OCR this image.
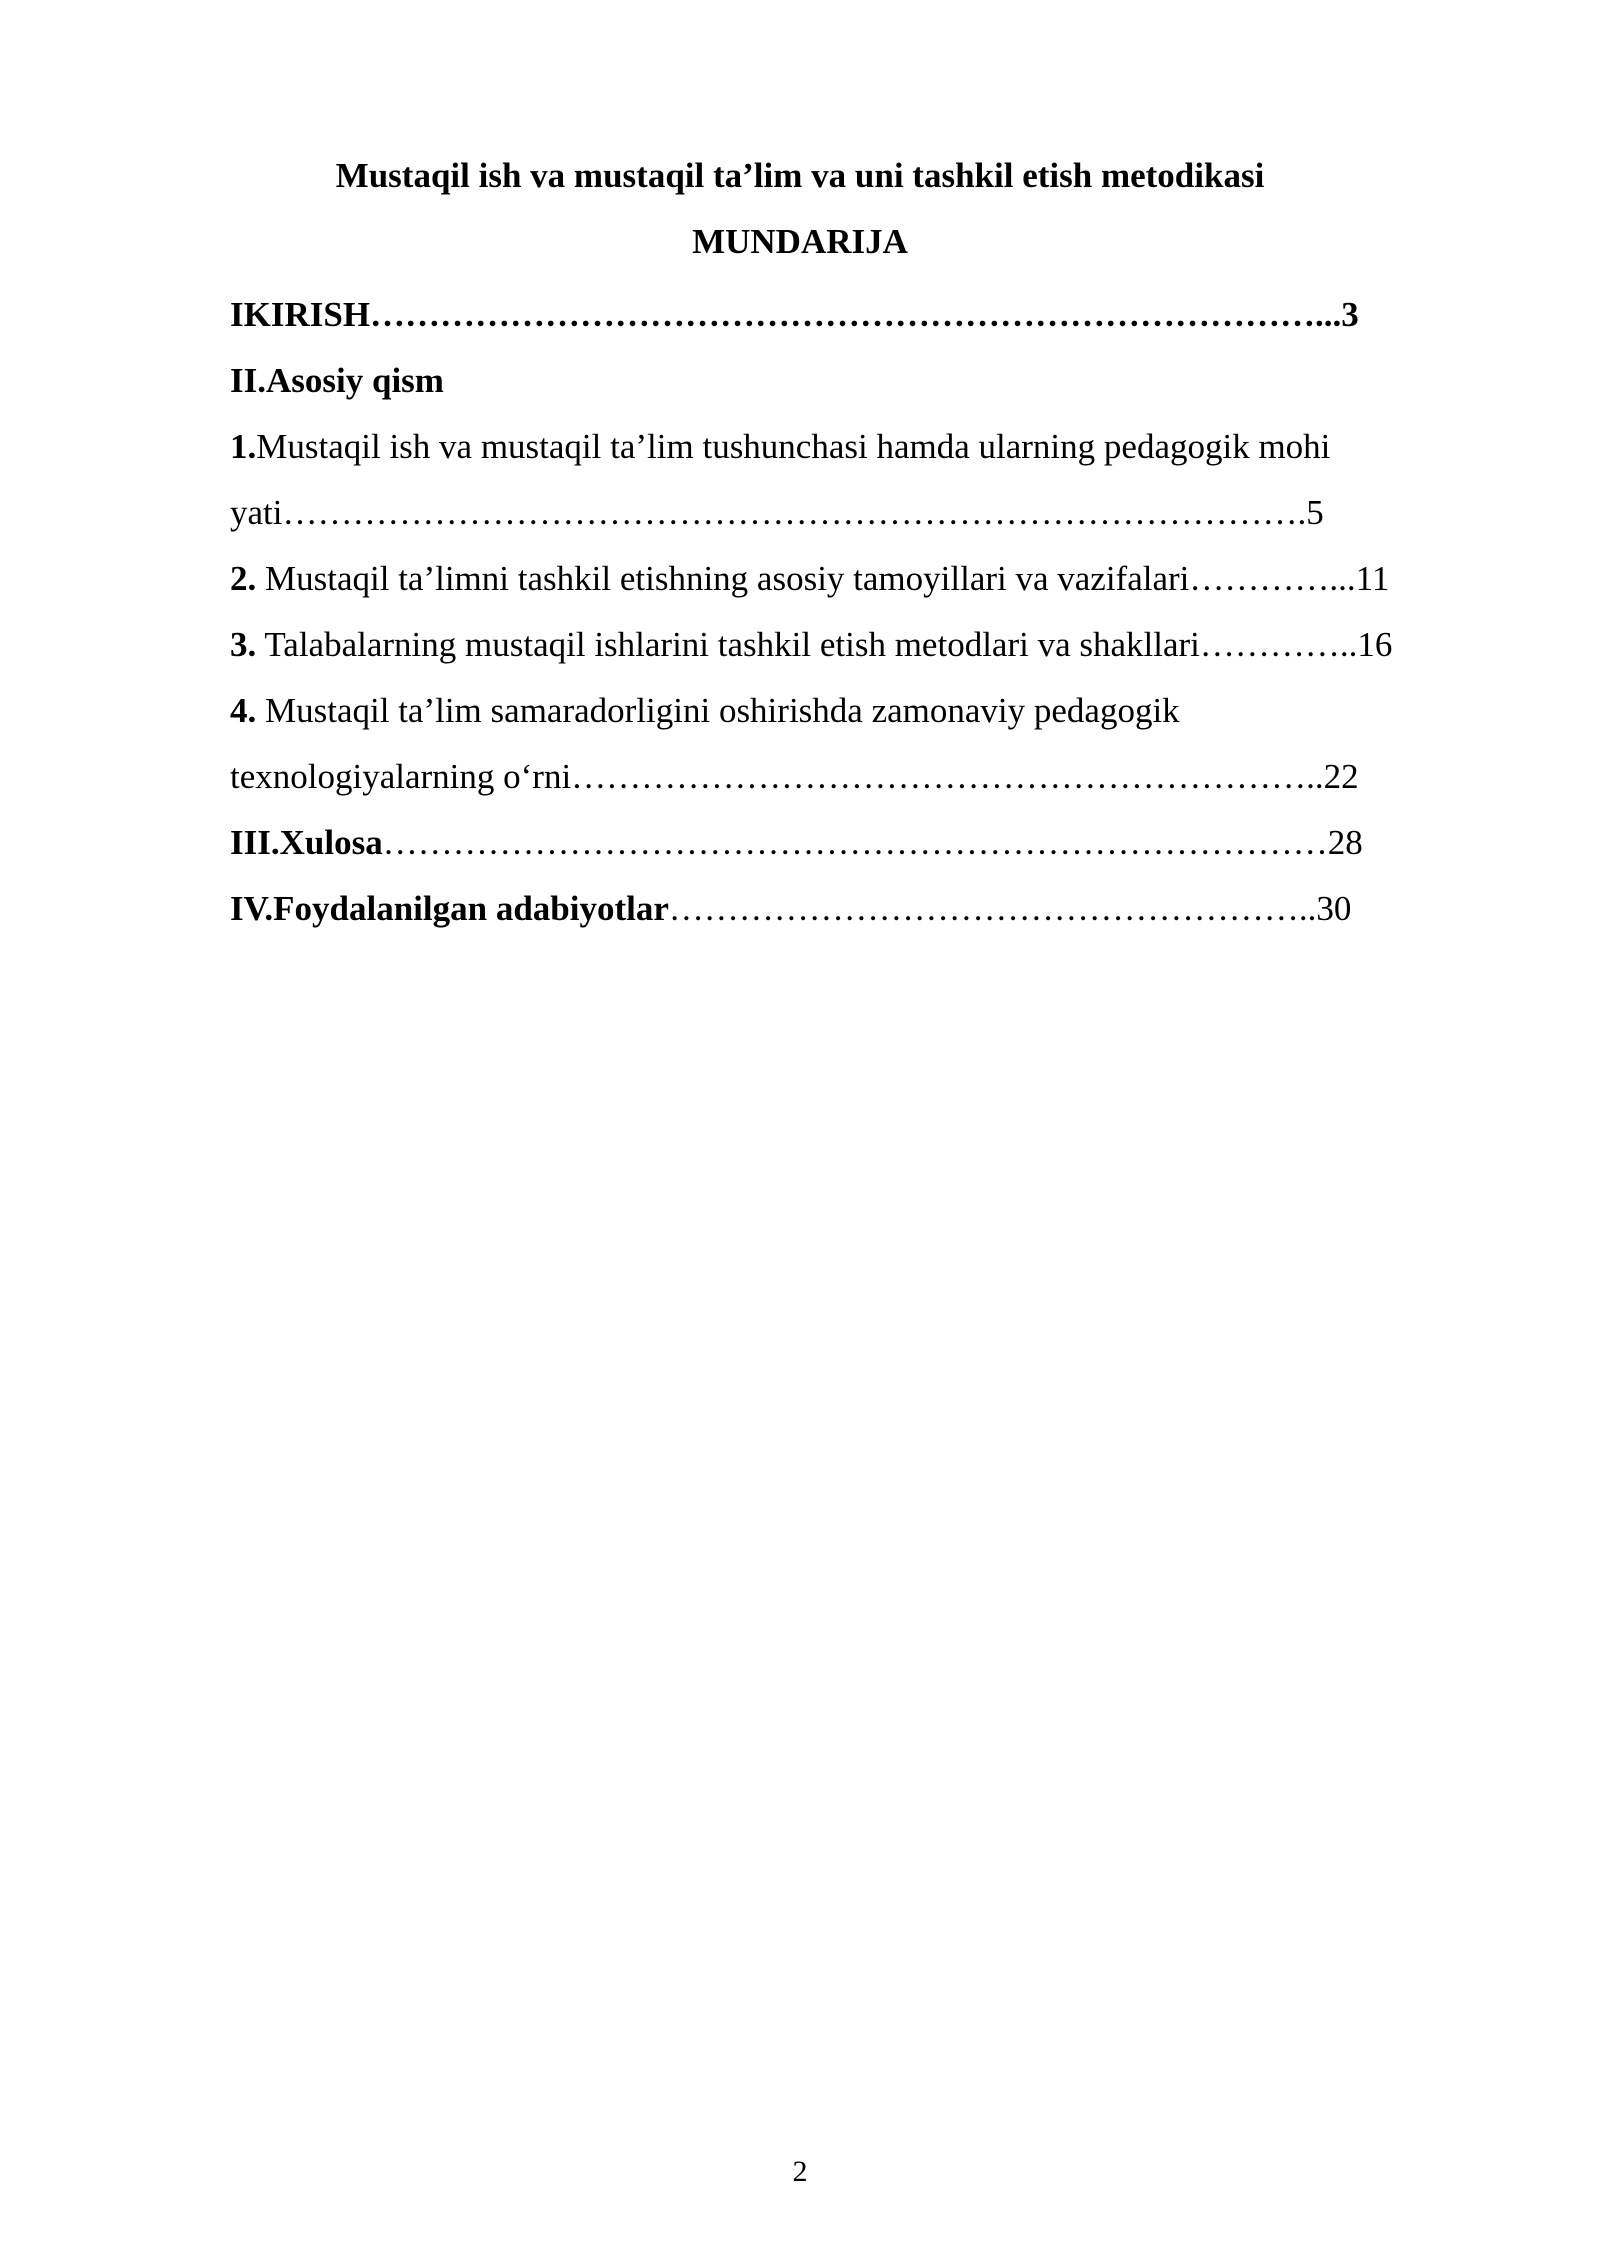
Mustaqil ish va mustaqil ta’lim va uni tashkil etish metodikasi
MUNDARIJA
IKIRISH………………………………………………………………………...3
II.Asosiy qism
1.Mustaqil ish va mustaqil ta’lim tushunchasi hamda ularning pedagogik mohi
yati…………………………………………………………………………….5
2. Mustaqil ta’limni tashkil etishning asosiy tamoyillari va vazifalari…………...11
3. Talabalarning mustaqil ishlarini tashkil etish metodlari va shakllari…………..16
4. Mustaqil ta’lim samaradorligini oshirishda zamonaviy pedagogik
texnologiyalarning o‘rni………………………………………………………..22
III.Xulosa………………………………………………………………………28
IV.Foydalanilgan adabiyotlar………………………………………………..30
2
